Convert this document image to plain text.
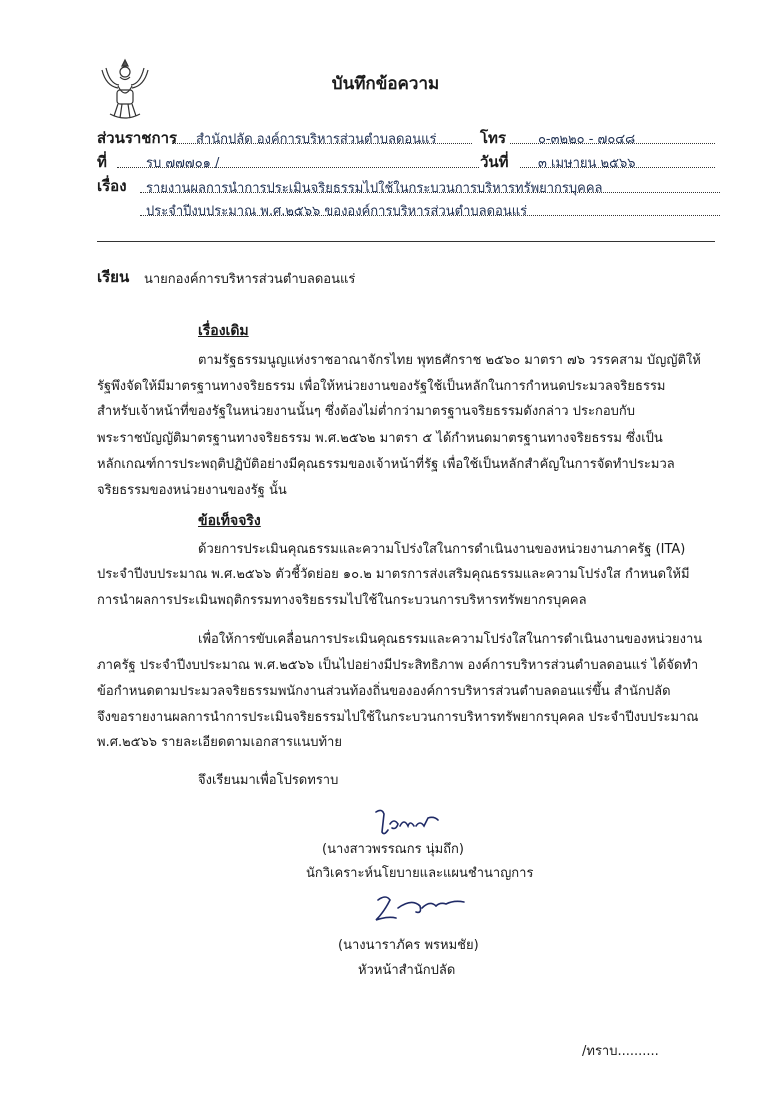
บันทึกข้อความ
ส่วนราชการ สำนักปลัด องค์การบริหารส่วนตำบลดอนแร่	โทร ๐-๓๒๒๐ - ๗๐๔๘
ที่	รบ ๗๗๗๐๑ /	วันที่ ๓ เมษายน ๒๕๖๖
เรื่อง รายงานผลการนำการประเมินจริยธรรมไปใช้ในกระบวนการบริหารทรัพยากรบุคคล
ประจำปีงบประมาณ พ.ศ.๒๕๖๖ ขององค์การบริหารส่วนตำบลดอนแร่
เรียน นายกองค์การบริหารส่วนตำบลดอนแร่
เรื่องเดิม
ตามรัฐธรรมนูญแห่งราชอาณาจักรไทย พุทธศักราช ๒๕๖๐ มาตรา ๗๖ วรรคสาม บัญญัติให้
รัฐพึงจัดให้มีมาตรฐานทางจริยธรรม เพื่อให้หน่วยงานของรัฐใช้เป็นหลักในการกำหนดประมวลจริยธรรม
สำหรับเจ้าหน้าที่ของรัฐในหน่วยงานนั้นๆ ซึ่งต้องไม่ต่ำกว่ามาตรฐานจริยธรรมดังกล่าว ประกอบกับ
พระราชบัญญัติมาตรฐานทางจริยธรรม พ.ศ.๒๕๖๒ มาตรา ๕ ได้กำหนดมาตรฐานทางจริยธรรม ซึ่งเป็น
หลักเกณฑ์การประพฤติปฏิบัติอย่างมีคุณธรรมของเจ้าหน้าที่รัฐ เพื่อใช้เป็นหลักสำคัญในการจัดทำประมวล
จริยธรรมของหน่วยงานของรัฐ นั้น
ข้อเท็จจริง
ด้วยการประเมินคุณธรรมและความโปร่งใสในการดำเนินงานของหน่วยงานภาครัฐ (ITA)
ประจำปีงบประมาณ พ.ศ.๒๕๖๖ ตัวชี้วัดย่อย ๑๐.๒ มาตรการส่งเสริมคุณธรรมและความโปร่งใส กำหนดให้มี
การนำผลการประเมินพฤติกรรมทางจริยธรรมไปใช้ในกระบวนการบริหารทรัพยากรบุคคล
เพื่อให้การขับเคลื่อนการประเมินคุณธรรมและความโปร่งใสในการดำเนินงานของหน่วยงาน
ภาครัฐ ประจำปีงบประมาณ พ.ศ.๒๕๖๖ เป็นไปอย่างมีประสิทธิภาพ องค์การบริหารส่วนตำบลดอนแร่ ได้จัดทำ
ข้อกำหนดตามประมวลจริยธรรมพนักงานส่วนท้องถิ่นขององค์การบริหารส่วนตำบลดอนแร่ขึ้น สำนักปลัด
จึงขอรายงานผลการนำการประเมินจริยธรรมไปใช้ในกระบวนการบริหารทรัพยากรบุคคล ประจำปีงบประมาณ
พ.ศ.๒๕๖๖ รายละเอียดตามเอกสารแนบท้าย
จึงเรียนมาเพื่อโปรดทราบ
(นางสาวพรรณกร นุ่มถึก)
นักวิเคราะห์นโยบายและแผนชำนาญการ
(นางนาราภัคร พรหมชัย)
หัวหน้าสำนักปลัด
/ทราบ..........
